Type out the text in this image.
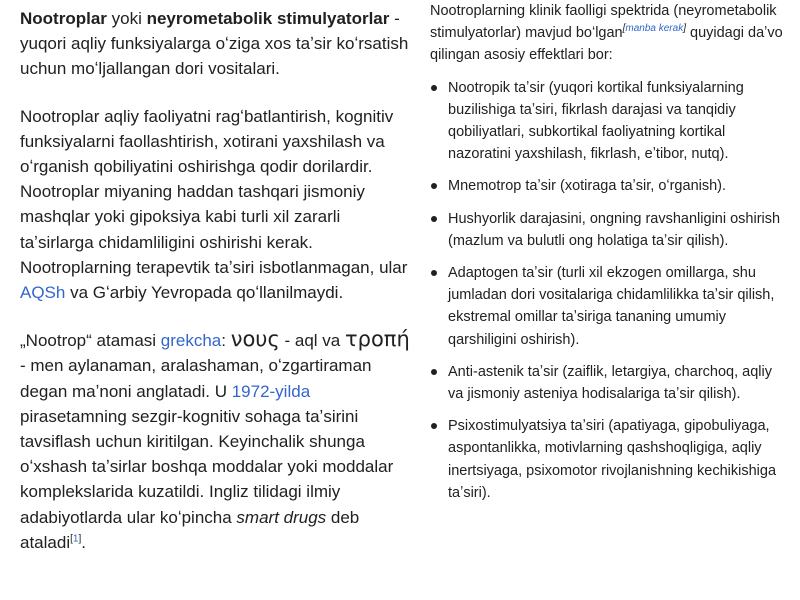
Nootroplar yoki neyrometabolik stimulyatorlar - yuqori aqliy funksiyalarga oʻziga xos taʼsir koʻrsatish uchun moʻljallangan dori vositalari.

Nootroplar aqliy faoliyatni ragʻbatlantirish, kognitiv funksiyalarni faollashtirish, xotirani yaxshilash va oʻrganish qobiliyatini oshirishga qodir dorilardir. Nootroplar miyaning haddan tashqari jismoniy mashqlar yoki gipoksiya kabi turli xil zararli taʼsirlarga chidamliligini oshirishi kerak. Nootroplarning terapevtik taʼsiri isbotlanmagan, ular AQSh va Gʻarbiy Yevropada qoʻllanilmaydi.

„Nootrop“ atamasi grekcha: νους - aql va τροπή - men aylanaman, aralashaman, oʻzgartiraman degan maʼnoni anglatadi. U 1972-yilda pirasetamning sezgir-kognitiv sohaga taʼsirini tavsiflash uchun kiritilgan. Keyinchalik shunga oʻxshash taʼsirlar boshqa moddalar yoki moddalar komplekslarida kuzatildi. Ingliz tilidagi ilmiy adabiyotlarda ular koʻpincha smart drugs deb ataladi[1].

Nootroplarning klinik faolligi spektrida (neyrometabolik stimulyatorlar) mavjud boʻlgan[manba kerak] quyidagi daʼvo qilingan asosiy effektlari bor:

Nootropik taʼsir (yuqori kortikal funksiyalarning buzilishiga taʼsiri, fikrlash darajasi va tanqidiy qobiliyatlari, subkortikal faoliyatning kortikal nazoratini yaxshilash, fikrlash, eʼtibor, nutq).
Mnemotrop taʼsir (xotiraga taʼsir, oʻrganish).
Hushyorlik darajasini, ongning ravshanligini oshirish (mazlum va bulutli ong holatiga taʼsir qilish).
Adaptogen taʼsir (turli xil ekzogen omillarga, shu jumladan dori vositalariga chidamlilikka taʼsir qilish, ekstremal omillar taʼsiriga tananing umumiy qarshiligini oshirish).
Anti-astenik taʼsir (zaiflik, letargiya, charchoq, aqliy va jismoniy asteniya hodisalariga taʼsir qilish).
Psixostimulyatsiya taʼsiri (apatiyaga, gipobuliyaga, aspontanlikka, motivlarning qashshoqligiga, aqliy inertsiyaga, psixomotor rivojlanishning kechikishiga taʼsiri).
